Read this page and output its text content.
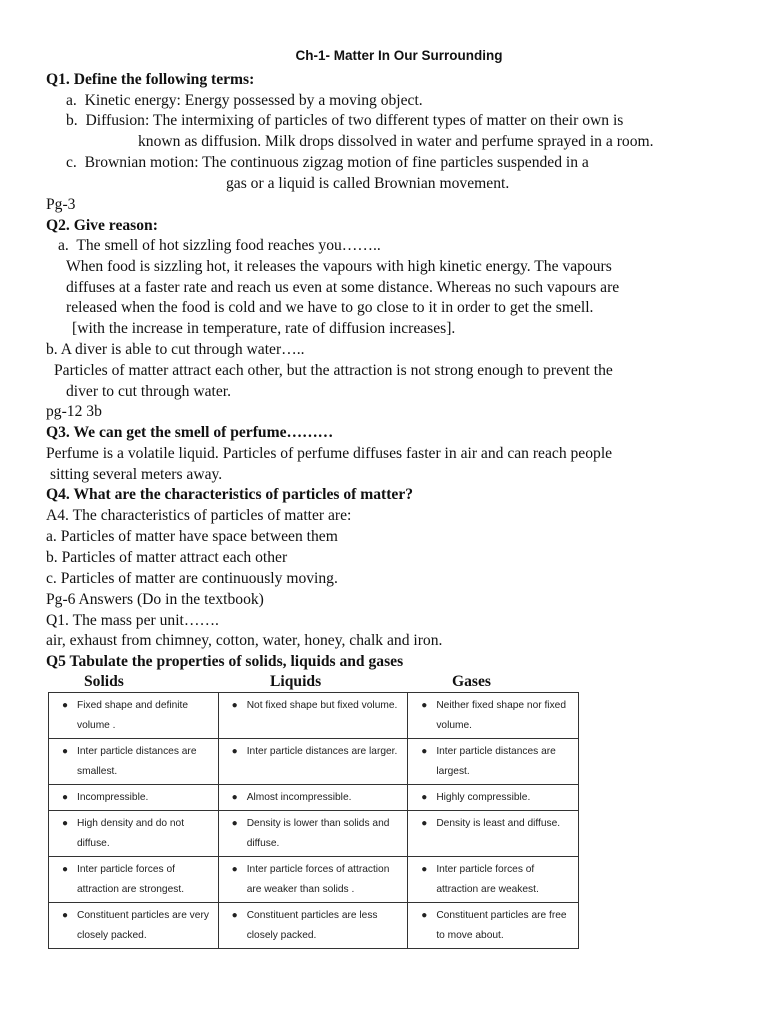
Ch-1- Matter In Our Surrounding
Q1. Define the following terms:
a.  Kinetic energy: Energy possessed by a moving object.
b.  Diffusion: The intermixing of particles of two different types of matter on their own is
known as diffusion. Milk drops dissolved in water and perfume sprayed in a room.
c.  Brownian motion: The continuous zigzag motion of fine particles suspended in a
gas or a liquid is called Brownian movement.
Pg-3
Q2. Give reason:
a.  The smell of hot sizzling food reaches you……..
When food is sizzling hot, it releases the vapours with high kinetic energy. The vapours
diffuses at a faster rate and reach us even at some distance. Whereas no such vapours are
released when the food is cold and we have to go close to it in order to get the smell.
[with the increase in temperature, rate of diffusion increases].
b. A diver is able to cut through water…..
Particles of matter attract each other, but the attraction is not strong enough to prevent the
diver to cut through water.
pg-12 3b
Q3. We can get the smell of perfume………
Perfume is a volatile liquid. Particles of perfume diffuses faster in air and can reach people
sitting several meters away.
Q4. What are the characteristics of particles of matter?
A4. The characteristics of particles of matter are:
a. Particles of matter have space between them
b. Particles of matter attract each other
c. Particles of matter are continuously moving.
Pg-6 Answers (Do in the textbook)
Q1. The mass per unit…….
air, exhaust from chimney, cotton, water, honey, chalk and iron.
Q5 Tabulate the properties of solids, liquids and gases
Solids	Liquids	Gases
● Fixed shape and definite volume .	● Not fixed shape but fixed volume.	● Neither fixed shape nor fixed volume.

● Inter particle distances are smallest.	● Inter particle distances are larger.	● Inter particle distances are largest.

● Incompressible.	● Almost incompressible.	● Highly compressible.

● High density and do not diffuse.	● Density is lower than solids and diffuse.	● Density is least and diffuse.

● Inter particle forces of attraction are strongest.	● Inter particle forces of attraction are weaker than solids .	● Inter particle forces of attraction are weakest.

● Constituent particles are very closely packed.	● Constituent particles are less closely packed.	● Constituent particles are free to move about.
